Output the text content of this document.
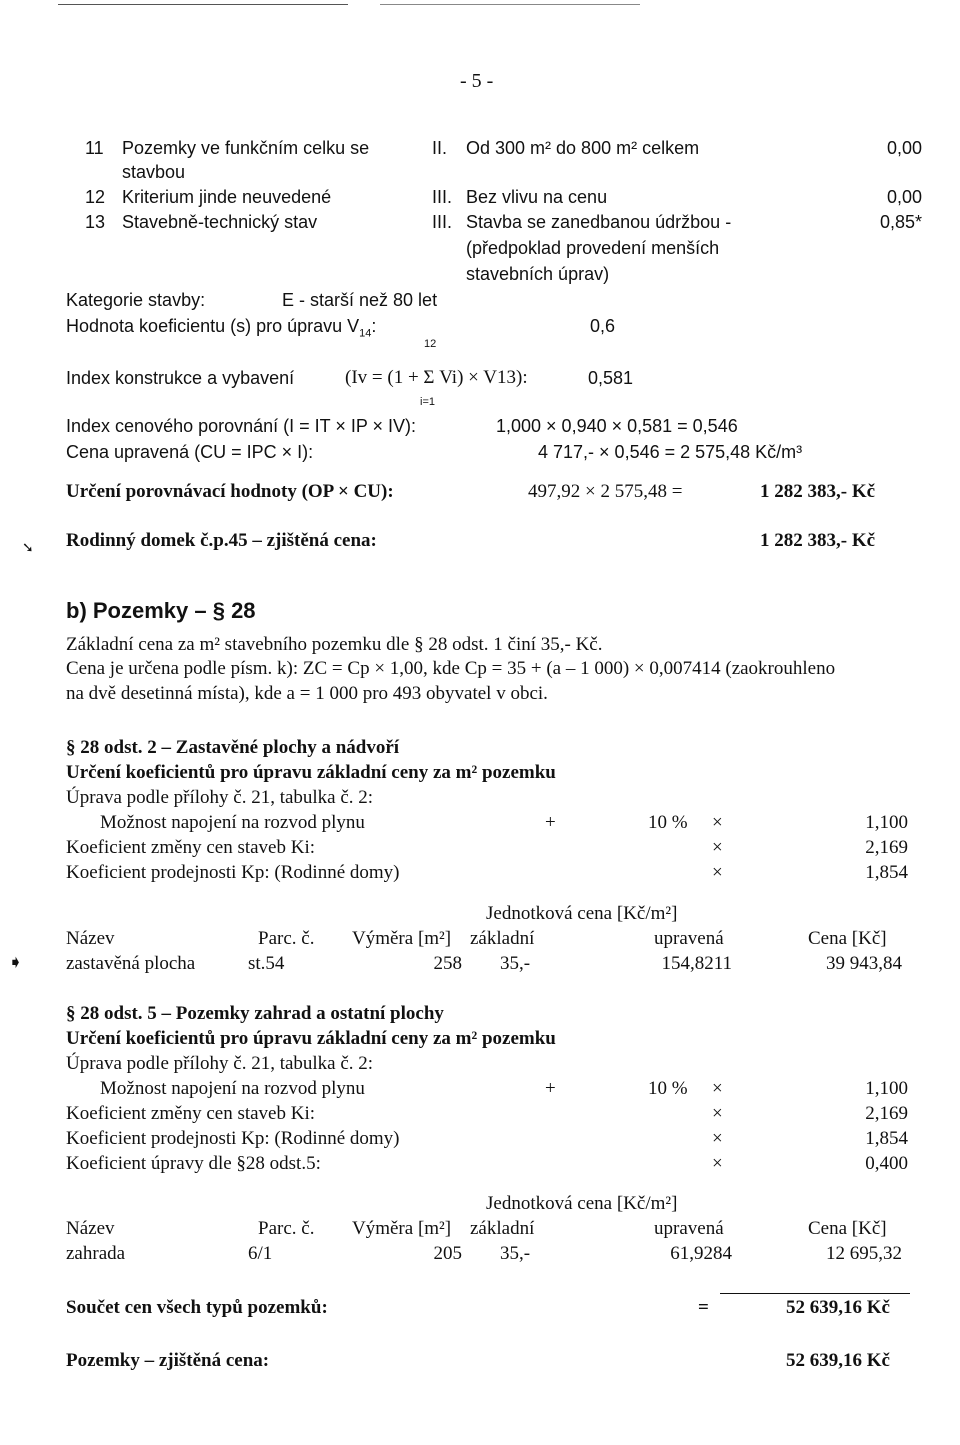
- 5 -
11 Pozemky ve funkčním celku se
stavbou
II. Od 300 m² do 800 m² celkem	0,00
12 Kriterium jinde neuvedené	III. Bez vlivu na cenu	0,00
13 Stavebně-technický stav	III. Stavba se zanedbanou údržbou -
(předpoklad provedení menších
stavebních úprav)
0,85*
Kategorie stavby:	E - starší než 80 let
Hodnota koeficientu (s) pro úpravu $V_{14}$:	0,6
12
Index konstrukce a vybavení	(Iv = (1 + Σ Vi) × V13):	0,581
i=1
Index cenového porovnání (I = IT × IP × IV):	1,000 × 0,940 × 0,581 = 0,546
Cena upravená (CU = IPC × I):	4 717,- × 0,546 = 2 575,48 Kč/m³
Určení porovnávací hodnoty (OP × CU):	497,92 × 2 575,48 =	1 282 383,- Kč
➘ Rodinný domek č.p.45 – zjištěná cena:	1 282 383,- Kč
b) Pozemky – § 28
Základní cena za m² stavebního pozemku dle § 28 odst. 1 činí 35,- Kč.
Cena je určena podle písm. k): ZC = Cp × 1,00, kde Cp = 35 + (a – 1 000) × 0,007414 (zaokrouhleno
na dvě desetinná místa), kde a = 1 000 pro 493 obyvatel v obci.
§ 28 odst. 2 – Zastavěné plochy a nádvoří
Určení koeficientů pro úpravu základní ceny za m² pozemku
Úprava podle přílohy č. 21, tabulka č. 2:
Možnost napojení na rozvod plynu	+	10 % ×	1,100
Koeficient změny cen staveb Ki:	×	2,169
Koeficient prodejnosti Kp: (Rodinné domy)	×	1,854
Jednotková cena [Kč/m²]
Název	Parc. č. Výměra [m²] základní	upravená	Cena [Kč]
➧ zastavěná plocha	st.54	258 35,-	154,8211	39 943,84
§ 28 odst. 5 – Pozemky zahrad a ostatní plochy
Určení koeficientů pro úpravu základní ceny za m² pozemku
Úprava podle přílohy č. 21, tabulka č. 2:
Možnost napojení na rozvod plynu	+	10 % ×	1,100
Koeficient změny cen staveb Ki:	×	2,169
Koeficient prodejnosti Kp: (Rodinné domy)	×	1,854
Koeficient úpravy dle §28 odst.5:	×	0,400
Jednotková cena [Kč/m²]
Název	Parc. č. Výměra [m²] základní	upravená	Cena [Kč]
zahrada	6/1	205 35,-	61,9284	12 695,32
Součet cen všech typů pozemků:	=	52 639,16 Kč
Pozemky – zjištěná cena:	52 639,16 Kč
